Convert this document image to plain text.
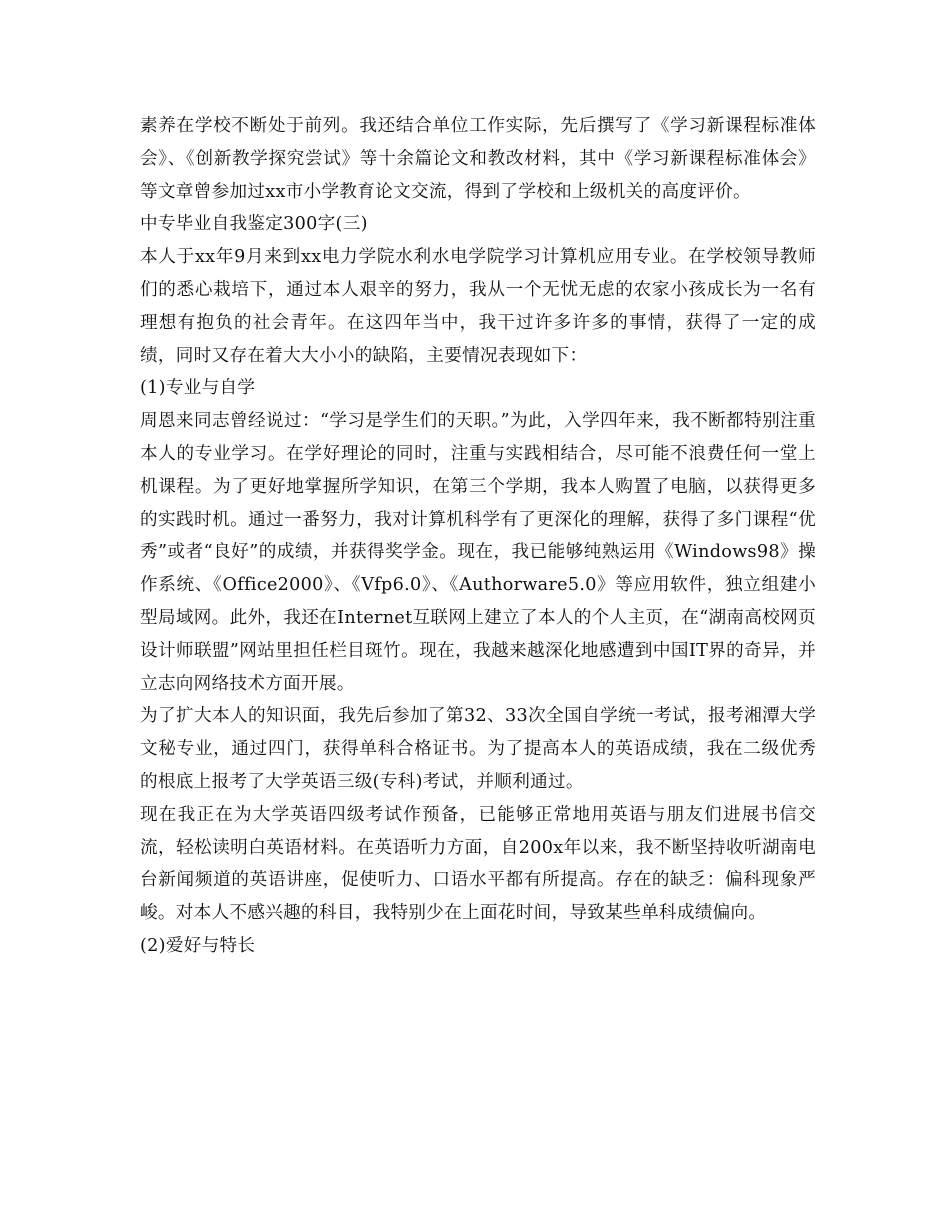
素养在学校不断处于前列。我还结合单位工作实际，先后撰写了《学习新课程标准体会》、《创新教学探究尝试》等十余篇论文和教改材料，其中《学习新课程标准体会》等文章曾参加过xx市小学教育论文交流，得到了学校和上级机关的高度评价。

中专毕业自我鉴定300字(三)

本人于xx年9月来到xx电力学院水利水电学院学习计算机应用专业。在学校领导教师们的悉心栽培下，通过本人艰辛的努力，我从一个无忧无虑的农家小孩成长为一名有理想有抱负的社会青年。在这四年当中，我干过许多许多的事情，获得了一定的成绩，同时又存在着大大小小的缺陷，主要情况表现如下：

(1)专业与自学

周恩来同志曾经说过：“学习是学生们的天职。”为此，入学四年来，我不断都特别注重本人的专业学习。在学好理论的同时，注重与实践相结合，尽可能不浪费任何一堂上机课程。为了更好地掌握所学知识，在第三个学期，我本人购置了电脑，以获得更多的实践时机。通过一番努力，我对计算机科学有了更深化的理解，获得了多门课程“优秀”或者“良好”的成绩，并获得奖学金。现在，我已能够纯熟运用《Windows98》操作系统、《Office2000》、《Vfp6.0》、《Authorware5.0》等应用软件，独立组建小型局域网。此外，我还在Internet互联网上建立了本人的个人主页，在“湖南高校网页设计师联盟”网站里担任栏目斑竹。现在，我越来越深化地感遭到中国IT界的奇异，并立志向网络技术方面开展。

为了扩大本人的知识面，我先后参加了第32、33次全国自学统一考试，报考湘潭大学文秘专业，通过四门，获得单科合格证书。为了提高本人的英语成绩，我在二级优秀的根底上报考了大学英语三级(专科)考试，并顺利通过。

现在我正在为大学英语四级考试作预备，已能够正常地用英语与朋友们进展书信交流，轻松读明白英语材料。在英语听力方面，自200x年以来，我不断坚持收听湖南电台新闻频道的英语讲座，促使听力、口语水平都有所提高。存在的缺乏：偏科现象严峻。对本人不感兴趣的科目，我特别少在上面花时间，导致某些单科成绩偏向。

(2)爱好与特长
